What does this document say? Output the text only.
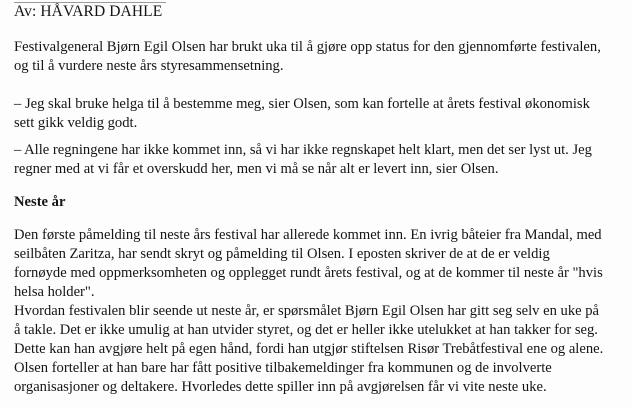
Av: HÅVARD DAHLE

Festivalgeneral Bjørn Egil Olsen har brukt uka til å gjøre opp status for den gjennomførte festivalen,
og til å vurdere neste års styresammensetning.

– Jeg skal bruke helga til å bestemme meg, sier Olsen, som kan fortelle at årets festival økonomisk
sett gikk veldig godt.

– Alle regningene har ikke kommet inn, så vi har ikke regnskapet helt klart, men det ser lyst ut. Jeg
regner med at vi får et overskudd her, men vi må se når alt er levert inn, sier Olsen.

Neste år

Den første påmelding til neste års festival har allerede kommet inn. En ivrig båteier fra Mandal, med
seilbåten Zaritza, har sendt skryt og påmelding til Olsen. I eposten skriver de at de er veldig
fornøyde med oppmerksomheten og opplegget rundt årets festival, og at de kommer til neste år "hvis
helsa holder".

Hvordan festivalen blir seende ut neste år, er spørsmålet Bjørn Egil Olsen har gitt seg selv en uke på
å takle. Det er ikke umulig at han utvider styret, og det er heller ikke utelukket at han takker for seg.
Dette kan han avgjøre helt på egen hånd, fordi han utgjør stiftelsen Risør Trebåtfestival ene og alene.
Olsen forteller at han bare har fått positive tilbakemeldinger fra kommunen og de involverte
organisasjoner og deltakere. Hvorledes dette spiller inn på avgjørelsen får vi vite neste uke.
